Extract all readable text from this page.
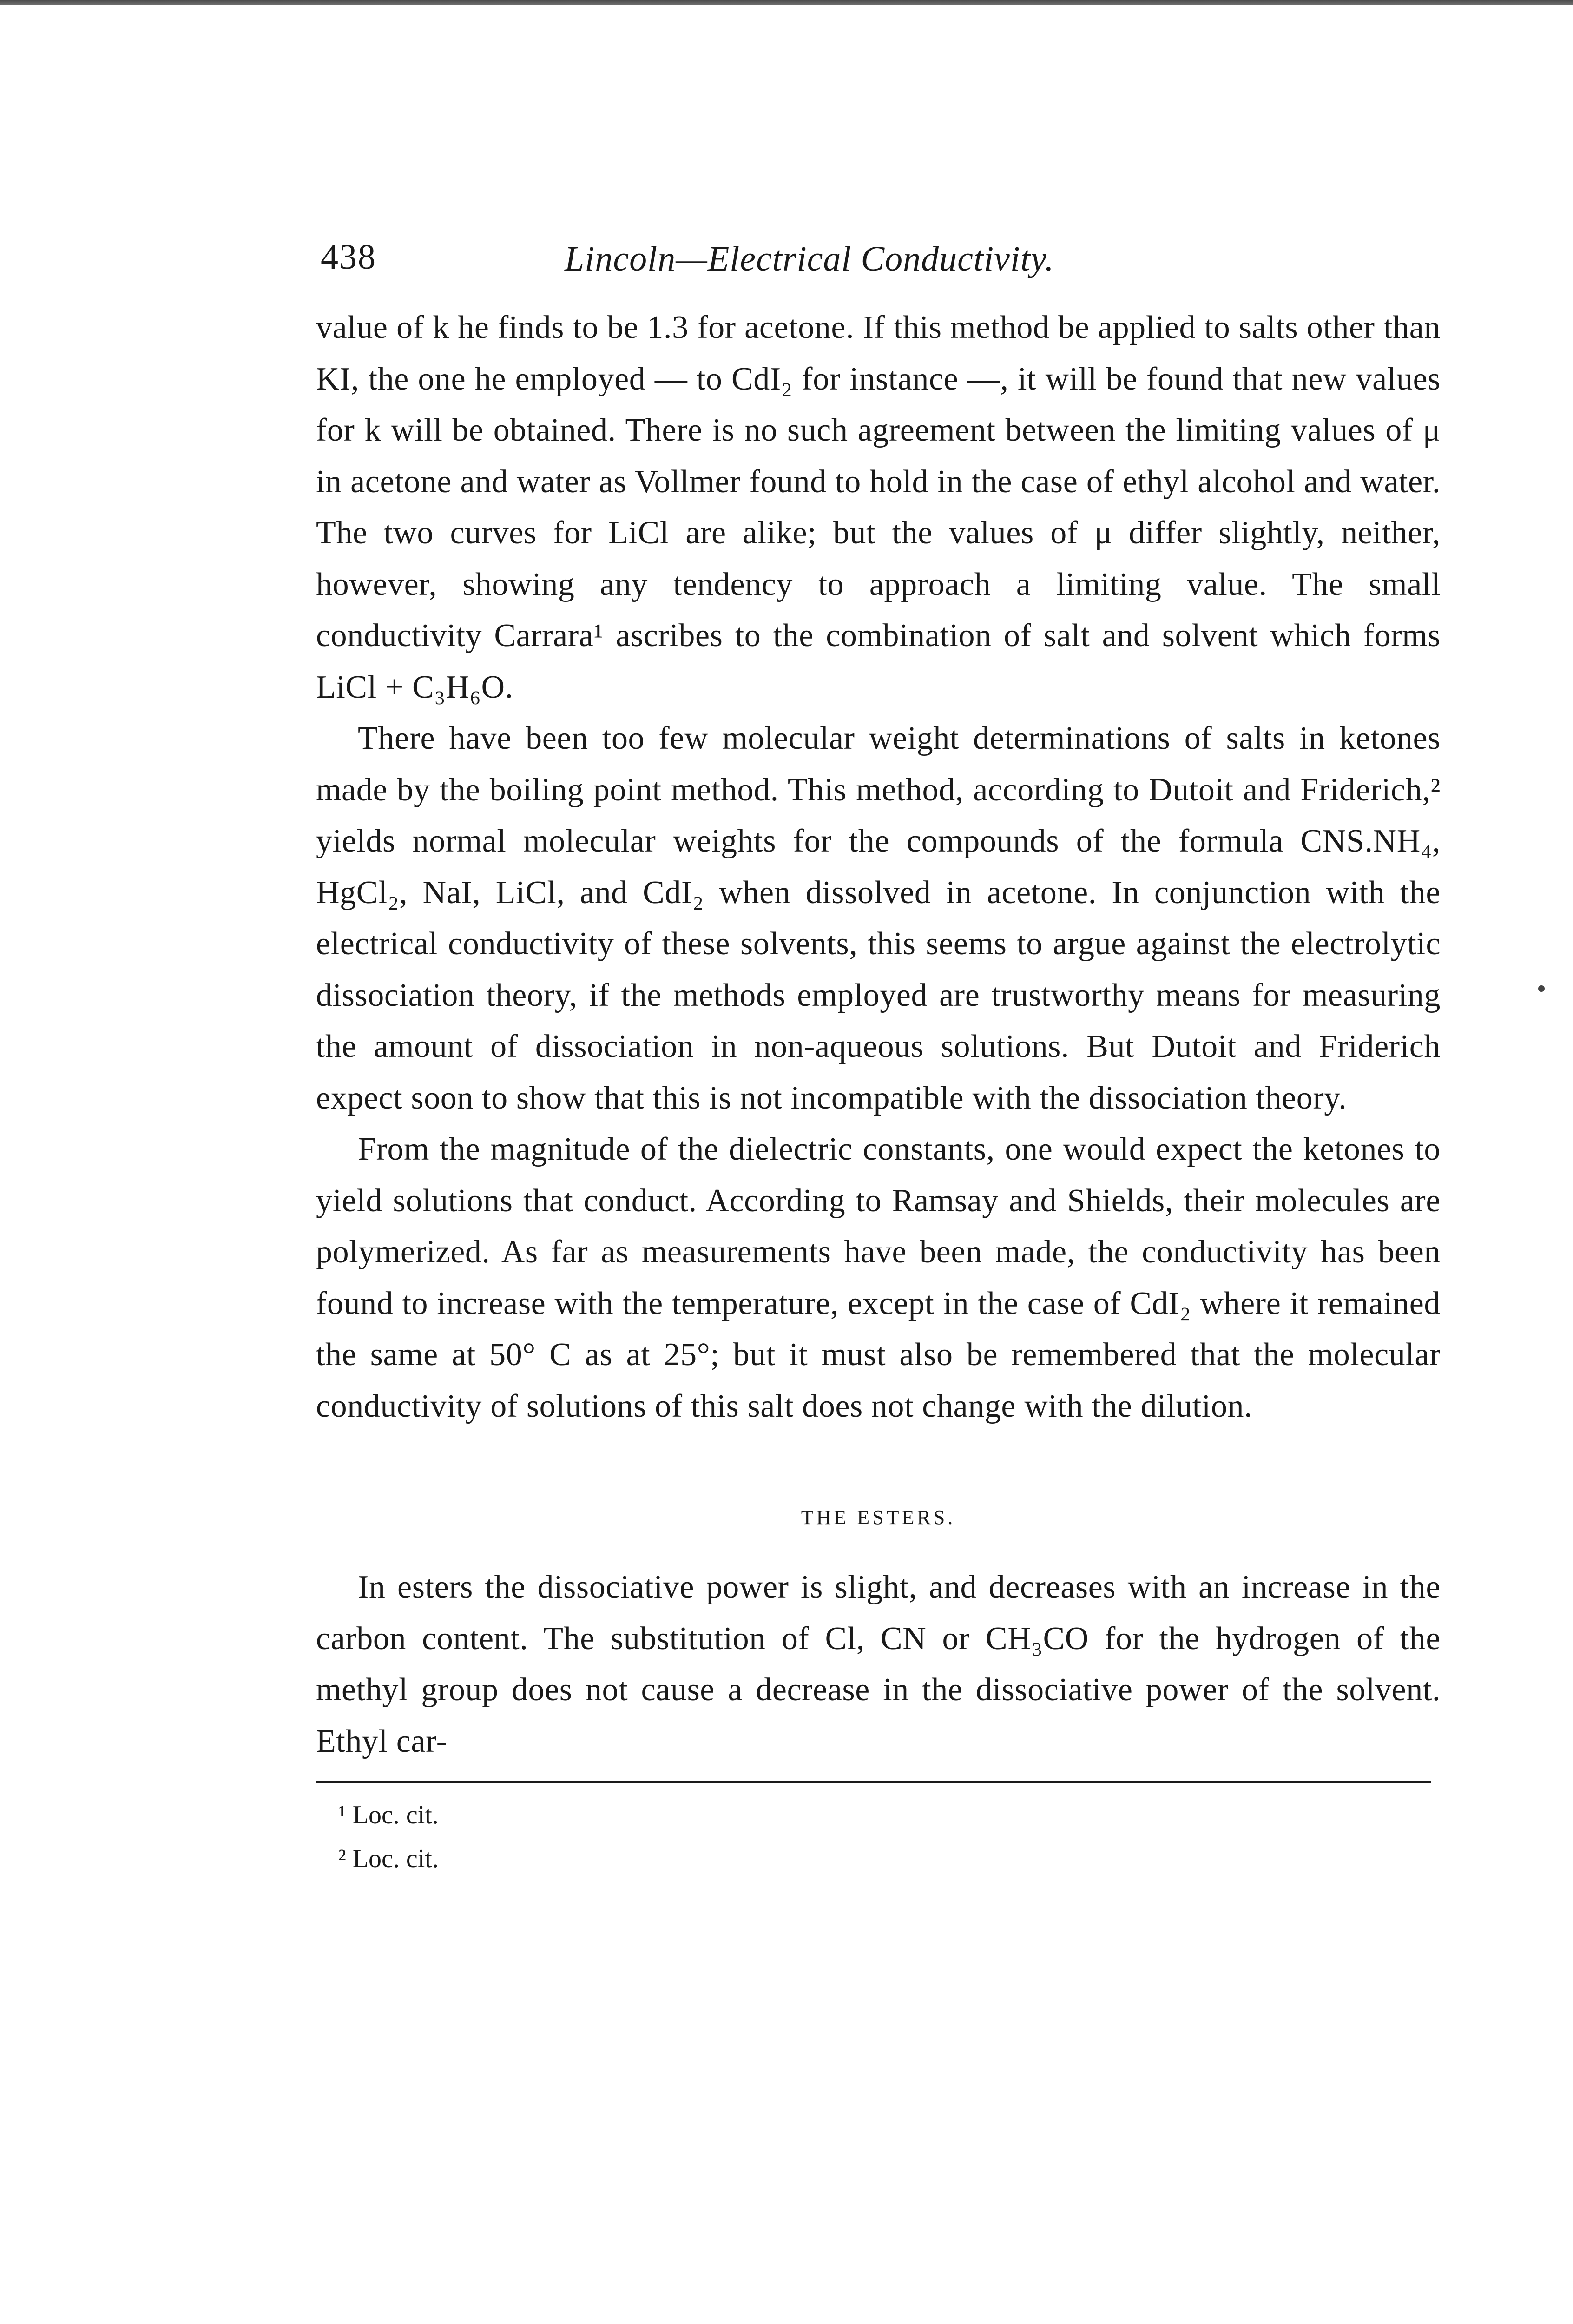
438	Lincoln—Electrical Conductivity.

value of k he finds to be 1.3 for acetone. If this method be applied to salts other than KI, the one he employed — to CdI₂ for instance —, it will be found that new values for k will be obtained. There is no such agreement between the limiting values of μ in acetone and water as Vollmer found to hold in the case of ethyl alcohol and water. The two curves for LiCl are alike; but the values of μ differ slightly, neither, however, showing any tendency to approach a limiting value. The small conductivity Carrara¹ ascribes to the combination of salt and solvent which forms LiCl + C₃H₆O.

There have been too few molecular weight determinations of salts in ketones made by the boiling point method. This method, according to Dutoit and Friderich,² yields normal molecular weights for the compounds of the formula CNS.NH₄, HgCl₂, NaI, LiCl, and CdI₂ when dissolved in acetone. In conjunction with the electrical conductivity of these solvents, this seems to argue against the electrolytic dissociation theory, if the methods employed are trustworthy means for measuring the amount of dissociation in non-aqueous solutions. But Dutoit and Friderich expect soon to show that this is not incompatible with the dissociation theory.

From the magnitude of the dielectric constants, one would expect the ketones to yield solutions that conduct. According to Ramsay and Shields, their molecules are polymerized. As far as measurements have been made, the conductivity has been found to increase with the temperature, except in the case of CdI₂ where it remained the same at 50° C as at 25°; but it must also be remembered that the molecular conductivity of solutions of this salt does not change with the dilution.

THE ESTERS.

In esters the dissociative power is slight, and decreases with an increase in the carbon content. The substitution of Cl, CN or CH₃CO for the hydrogen of the methyl group does not cause a decrease in the dissociative power of the solvent. Ethyl car-

¹ Loc. cit.
² Loc. cit.
